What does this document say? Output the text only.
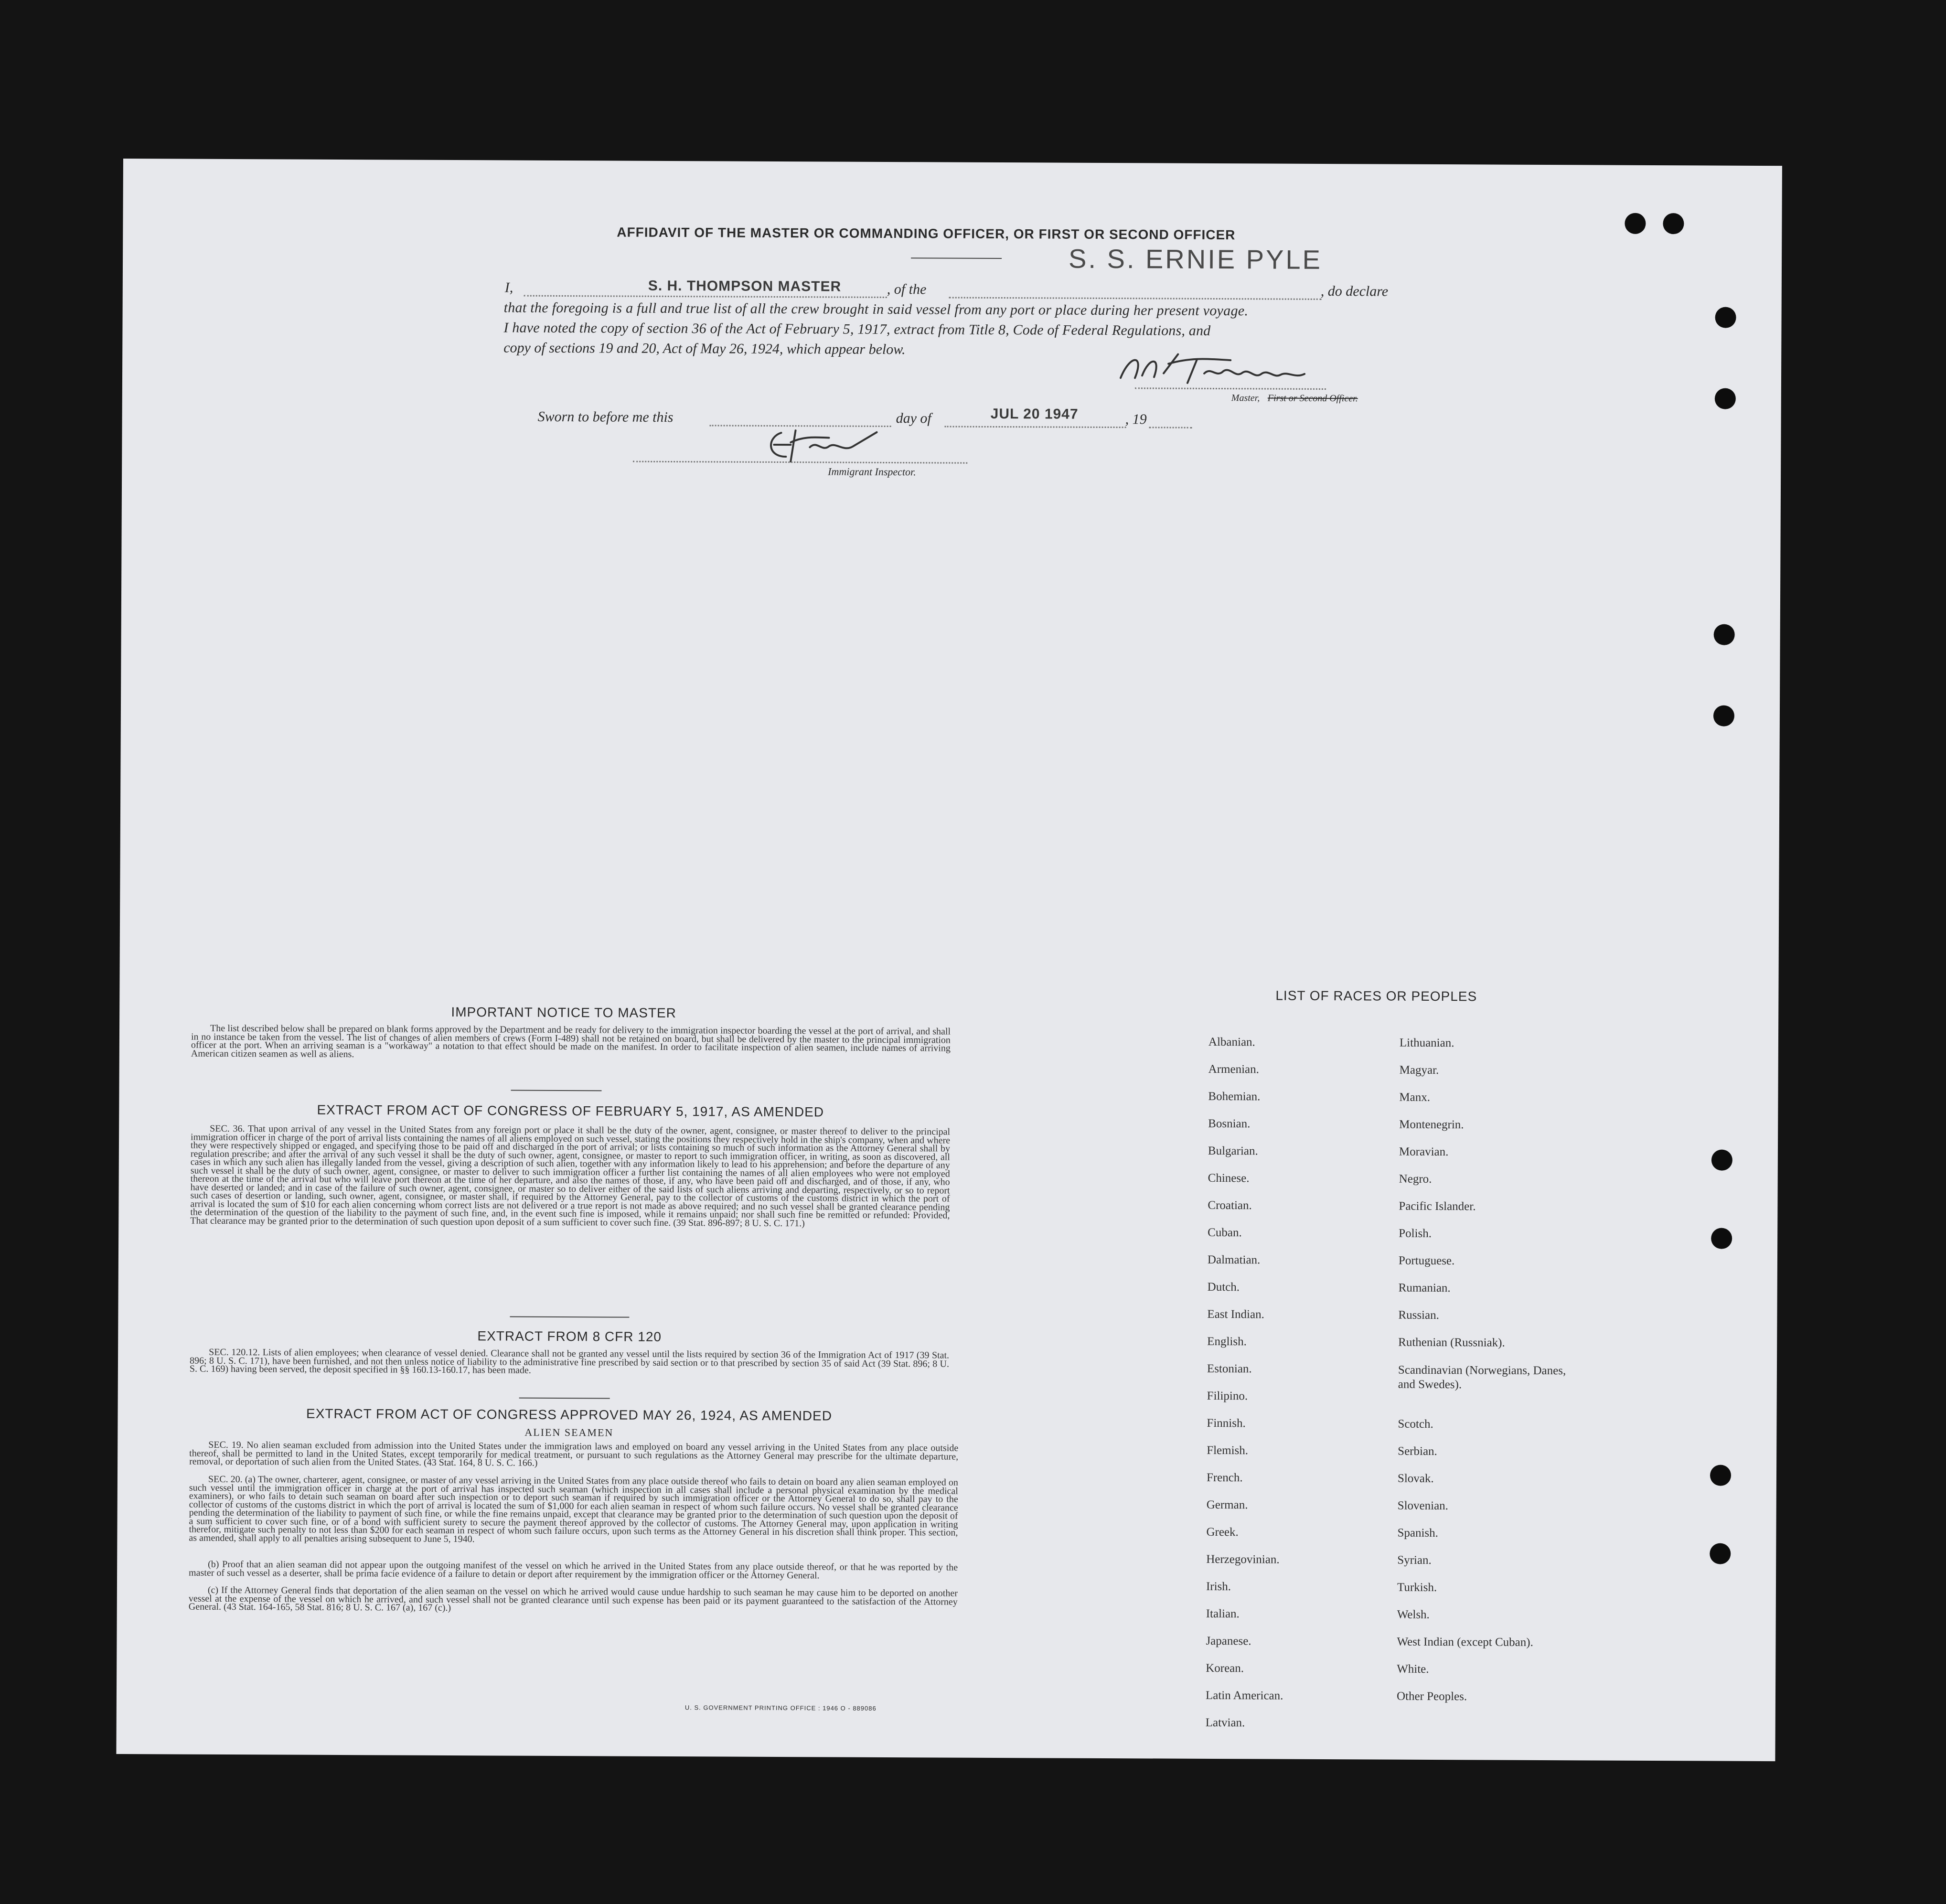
AFFIDAVIT OF THE MASTER OR COMMANDING OFFICER, OR FIRST OR SECOND OFFICER
S. S. ERNIE PYLE
I,	S. H. THOMPSON MASTER	, of the	, do declare
that the foregoing is a full and true list of all the crew brought in said vessel from any port or place during her present voyage.
I have noted the copy of section 36 of the Act of February 5, 1917, extract from Title 8, Code of Federal Regulations, and
copy of sections 19 and 20, Act of May 26, 1924, which appear below.
Master, First or Second Officer.
Sworn to before me this	day of	JUL 20 1947	, 19
Immigrant Inspector.
IMPORTANT NOTICE TO MASTER
The list described below shall be prepared on blank forms approved by the Department and be ready for delivery to the immigration inspector boarding the vessel at the port of arrival, and shall in no instance be taken from the vessel. The list of changes of alien members of crews (Form I-489) shall not be retained on board, but shall be delivered by the master to the principal immigration officer at the port. When an arriving seaman is a "workaway" a notation to that effect should be made on the manifest. In order to facilitate inspection of alien seamen, include names of arriving American citizen seamen as well as aliens.
EXTRACT FROM ACT OF CONGRESS OF FEBRUARY 5, 1917, AS AMENDED
SEC. 36. That upon arrival of any vessel in the United States from any foreign port or place it shall be the duty of the owner, agent, consignee, or master thereof to deliver to the principal immigration officer in charge of the port of arrival lists containing the names of all aliens employed on such vessel, stating the positions they respectively hold in the ship's company, when and where they were respectively shipped or engaged, and specifying those to be paid off and discharged in the port of arrival; or lists containing so much of such information as the Attorney General shall by regulation prescribe; and after the arrival of any such vessel it shall be the duty of such owner, agent, consignee, or master to report to such immigration officer, in writing, as soon as discovered, all cases in which any such alien has illegally landed from the vessel, giving a description of such alien, together with any information likely to lead to his apprehension; and before the departure of any such vessel it shall be the duty of such owner, agent, consignee, or master to deliver to such immigration officer a further list containing the names of all alien employees who were not employed thereon at the time of the arrival but who will leave port thereon at the time of her departure, and also the names of those, if any, who have been paid off and discharged, and of those, if any, who have deserted or landed; and in case of the failure of such owner, agent, consignee, or master so to deliver either of the said lists of such aliens arriving and departing, respectively, or so to report such cases of desertion or landing, such owner, agent, consignee, or master shall, if required by the Attorney General, pay to the collector of customs of the customs district in which the port of arrival is located the sum of $10 for each alien concerning whom correct lists are not delivered or a true report is not made as above required; and no such vessel shall be granted clearance pending the determination of the question of the liability to the payment of such fine, and, in the event such fine is imposed, while it remains unpaid; nor shall such fine be remitted or refunded: Provided, That clearance may be granted prior to the determination of such question upon deposit of a sum sufficient to cover such fine. (39 Stat. 896-897; 8 U. S. C. 171.)
EXTRACT FROM 8 CFR 120
SEC. 120.12. Lists of alien employees; when clearance of vessel denied. Clearance shall not be granted any vessel until the lists required by section 36 of the Immigration Act of 1917 (39 Stat. 896; 8 U. S. C. 171), have been furnished, and not then unless notice of liability to the administrative fine prescribed by said section or to that prescribed by section 35 of said Act (39 Stat. 896; 8 U. S. C. 169) having been served, the deposit specified in §§ 160.13-160.17, has been made.
EXTRACT FROM ACT OF CONGRESS APPROVED MAY 26, 1924, AS AMENDED
ALIEN SEAMEN
SEC. 19. No alien seaman excluded from admission into the United States under the immigration laws and employed on board any vessel arriving in the United States from any place outside thereof, shall be permitted to land in the United States, except temporarily for medical treatment, or pursuant to such regulations as the Attorney General may prescribe for the ultimate departure, removal, or deportation of such alien from the United States. (43 Stat. 164, 8 U. S. C. 166.)
SEC. 20. (a) The owner, charterer, agent, consignee, or master of any vessel arriving in the United States from any place outside thereof who fails to detain on board any alien seaman employed on such vessel until the immigration officer in charge at the port of arrival has inspected such seaman (which inspection in all cases shall include a personal physical examination by the medical examiners), or who fails to detain such seaman on board after such inspection or to deport such seaman if required by such immigration officer or the Attorney General to do so, shall pay to the collector of customs of the customs district in which the port of arrival is located the sum of $1,000 for each alien seaman in respect of whom such failure occurs. No vessel shall be granted clearance pending the determination of the liability to payment of such fine, or while the fine remains unpaid, except that clearance may be granted prior to the determination of such question upon the deposit of a sum sufficient to cover such fine, or of a bond with sufficient surety to secure the payment thereof approved by the collector of customs. The Attorney General may, upon application in writing therefor, mitigate such penalty to not less than $200 for each seaman in respect of whom such failure occurs, upon such terms as the Attorney General in his discretion shall think proper. This section, as amended, shall apply to all penalties arising subsequent to June 5, 1940.
(b) Proof that an alien seaman did not appear upon the outgoing manifest of the vessel on which he arrived in the United States from any place outside thereof, or that he was reported by the master of such vessel as a deserter, shall be prima facie evidence of a failure to detain or deport after requirement by the immigration officer or the Attorney General.
(c) If the Attorney General finds that deportation of the alien seaman on the vessel on which he arrived would cause undue hardship to such seaman he may cause him to be deported on another vessel at the expense of the vessel on which he arrived, and such vessel shall not be granted clearance until such expense has been paid or its payment guaranteed to the satisfaction of the Attorney General. (43 Stat. 164-165, 58 Stat. 816; 8 U. S. C. 167 (a), 167 (c).)
U. S. GOVERNMENT PRINTING OFFICE : 1946 O - 889086
LIST OF RACES OR PEOPLES
Albanian.
Armenian.
Bohemian.
Bosnian.
Bulgarian.
Chinese.
Croatian.
Cuban.
Dalmatian.
Dutch.
East Indian.
English.
Estonian.
Filipino.
Finnish.
Flemish.
French.
German.
Greek.
Herzegovinian.
Irish.
Italian.
Japanese.
Korean.
Latin American.
Latvian.
Lithuanian.
Magyar.
Manx.
Montenegrin.
Moravian.
Negro.
Pacific Islander.
Polish.
Portuguese.
Rumanian.
Russian.
Ruthenian (Russniak).
Scandinavian (Norwegians, Danes, and Swedes).
Scotch.
Serbian.
Slovak.
Slovenian.
Spanish.
Syrian.
Turkish.
Welsh.
West Indian (except Cuban).
White.
Other Peoples.
